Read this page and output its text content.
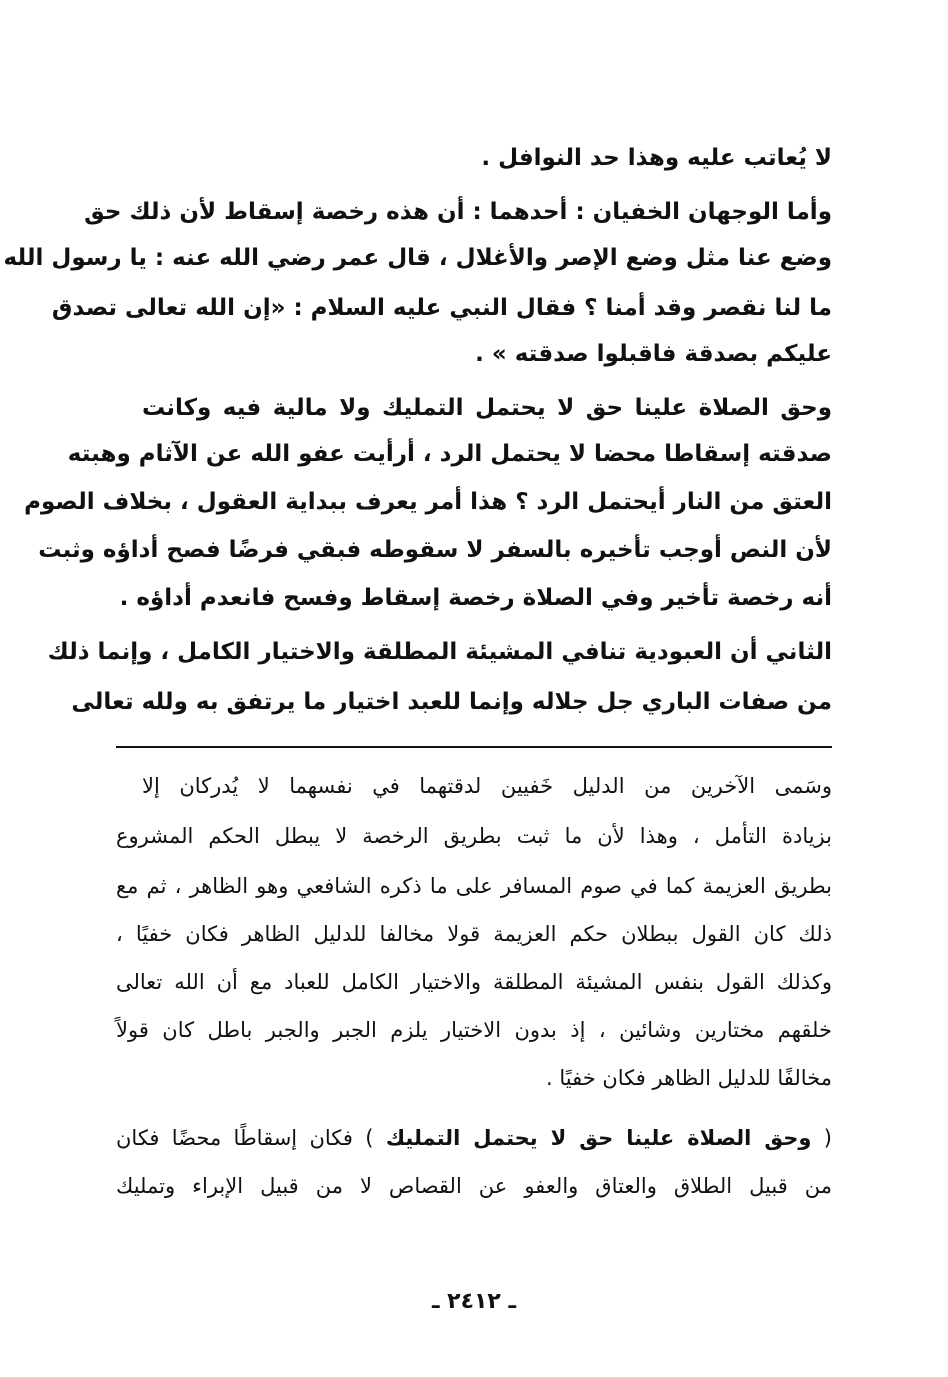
لا يُعاتب عليه وهذا حد النوافل .
وأما الوجهان الخفيان : أحدهما : أن هذه رخصة إسقاط لأن ذلك حق
وضع عنا مثل وضع الإصر والأغلال ، قال عمر رضي الله عنه : يا رسول الله
ما لنا نقصر وقد أمنا ؟ فقال النبي عليه السلام : «إن الله تعالى تصدق
عليكم بصدقة فاقبلوا صدقته » .
وحق الصلاة علينا حق لا يحتمل التمليك ولا مالية فيه وكانت
صدقته إسقاطا محضا لا يحتمل الرد ، أرأيت عفو الله عن الآثام وهبته
العتق من النار أيحتمل الرد ؟ هذا أمر يعرف ببداية العقول ، بخلاف الصوم
لأن النص أوجب تأخيره بالسفر لا سقوطه فبقي فرضًا فصح أداؤه وثبت
أنه رخصة تأخير وفي الصلاة رخصة إسقاط وفسح فانعدم أداؤه .
الثاني أن العبودية تنافي المشيئة المطلقة والاختيار الكامل ، وإنما ذلك
من صفات الباري جل جلاله وإنما للعبد اختيار ما يرتفق به ولله تعالى
وسَمى الآخرين من الدليل خَفيين لدقتهما في نفسهما لا يُدركان إلا
بزيادة التأمل ، وهذا لأن ما ثبت بطريق الرخصة لا يبطل الحكم المشروع
بطريق العزيمة كما في صوم المسافر على ما ذكره الشافعي وهو الظاهر ، ثم مع
ذلك كان القول ببطلان حكم العزيمة قولا مخالفا للدليل الظاهر فكان خفيًا ،
وكذلك القول بنفس المشيئة المطلقة والاختيار الكامل للعباد مع أن الله تعالى
خلقهم مختارين وشائين ، إذ بدون الاختيار يلزم الجبر والجبر باطل كان قولاً
مخالفًا للدليل الظاهر فكان خفيًا .
( وحق الصلاة علينا حق لا يحتمل التمليك ) فكان إسقاطًا محضًا فكان
من قبيل الطلاق والعتاق والعفو عن القصاص لا من قبيل الإبراء وتمليك
ـ ٢٤١٢ ـ
